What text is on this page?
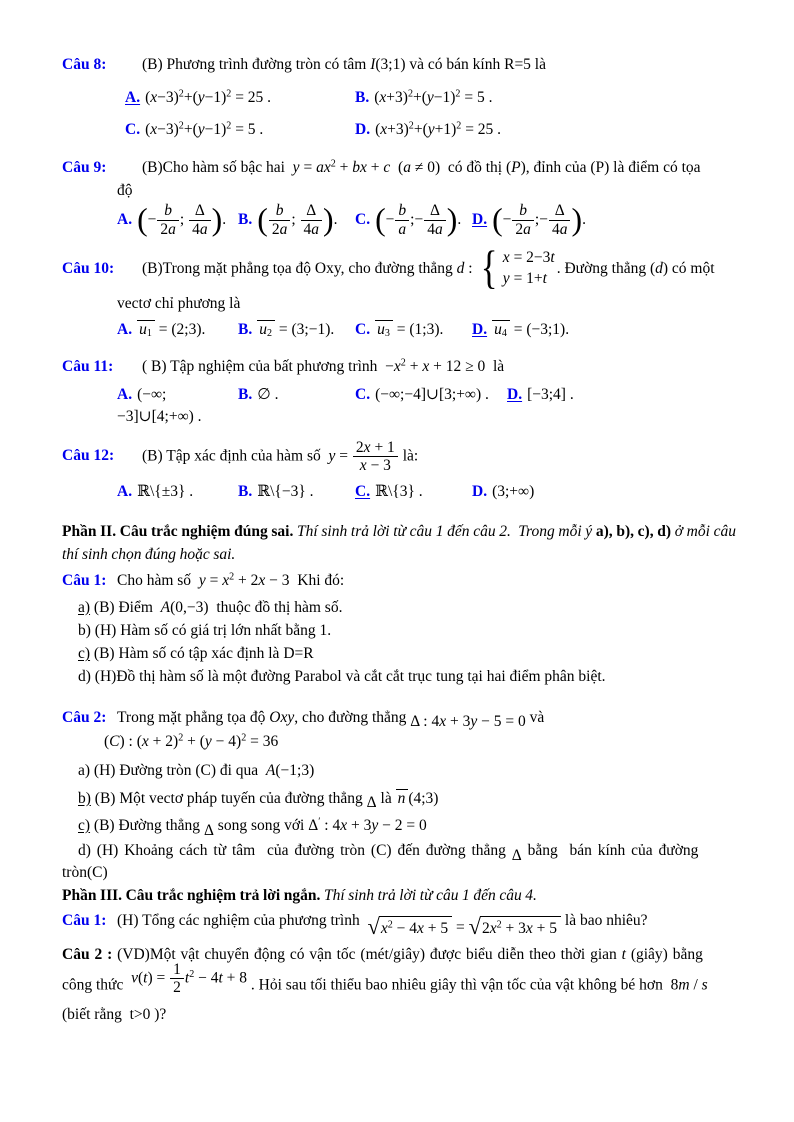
Câu 8:	(B) Phương trình đường tròn có tâm I(3;1) và có bán kính R=5 là
A. $(x-3)^2+(y-1)^2 = 25$ .	B. $(x+3)^2+(y-1)^2 = 5$ .
C. $(x-3)^2+(y-1)^2 = 5$ .	D. $(x+3)^2+(y+1)^2 = 25$ .
Câu 9:	(B)Cho hàm số bậc hai  $y = ax^2$ + bx + c  (a ≠ 0)  có đồ thị (P), đỉnh của (P) là điểm có tọa
độ
A. (− $\frac{b}{2a}$ ; $\frac{\Delta}{4a}$ ). B. ( $\frac{b}{2a}$ ; $\frac{\Delta}{4a}$ ).	C. (− $\frac{b}{a}$ ;− $\frac{\Delta}{4a}$ ). D. (− $\frac{b}{2a}$ ;− $\frac{\Delta}{4a}$ ).
Câu 10:	(B)Trong mặt phẳng tọa độ Oxy, cho đường thẳng d : { x = 2−3t
y = 1+t
. Đường thẳng (d) có một
vectơ chỉ phương là
A. u1 = (2;3).	B. u2 = (3;−1).	C. u3 = (1;3).	D. u4 = (−3;1).
Câu 11:	( B) Tập nghiệm của bất phương trình  $-x^2 + x + 12 \ge 0$  là
A. (−∞;−3]∪[4;+∞) .
B. ∅ .	C. (−∞;−4]∪[3;+∞) .	D. [−3;4] .
Câu 12:	(B) Tập xác định của hàm số  $y = \frac{2x + 1}{x - 3}$ là:
A. ℝ\{±3} .	B. ℝ\{−3} .	C. ℝ\{3} .	D. (3;+∞)
Phần II. Câu trắc nghiệm đúng sai. Thí sinh trả lời từ câu 1 đến câu 2.  Trong mỗi ý a), b), c), d) ở mỗi câu thí sinh chọn đúng hoặc sai.
Câu 1: Cho hàm số  $y = x^2 + 2x - 3$  Khi đó:
a) (B) Điểm  A(0,−3)  thuộc đồ thị hàm số.
b) (H) Hàm số có giá trị lớn nhất bằng 1.
c) (B) Hàm số có tập xác định là D=R
d) (H)Đồ thị hàm số là một đường Parabol và cắt cắt trục tung tại hai điểm phân biệt.
Câu 2: Trong mặt phẳng tọa độ Oxy, cho đường thẳng Δ : 4x + 3y − 5 = 0 và
(C) : $(x + 2)^2 + (y - 4)^2 = 36$
a) (H) Đường tròn (C) đi qua  A(−1;3)
b) (B) Một vectơ pháp tuyến của đường thẳng Δ là n (4;3)
c) (B) Đường thẳng Δ song song với Δ′ : 4x + 3y − 2 = 0
d) (H) Khoảng cách từ tâm  của đường tròn (C) đến đường thẳng Δ bằng  bán kính của đường
tròn(C)
Phần III. Câu trắc nghiệm trả lời ngắn. Thí sinh trả lời từ câu 1 đến câu 4.
Câu 1: (H) Tổng các nghiệm của phương trình √ $x^2 - 4x + 5$ = √ $2x^2 + 3x + 5$ là bao nhiêu?
Câu 2 : (VD)Một vật chuyển động có vận tốc (mét/giây) được biểu diễn theo thời gian t (giây) bằng
công thức  $v(t) = \frac{1}{2} t^2 - 4t + 8$ . Hỏi sau tối thiểu bao nhiêu giây thì vận tốc của vật không bé hơn  8m / s
(biết rằng  t>0 )?
